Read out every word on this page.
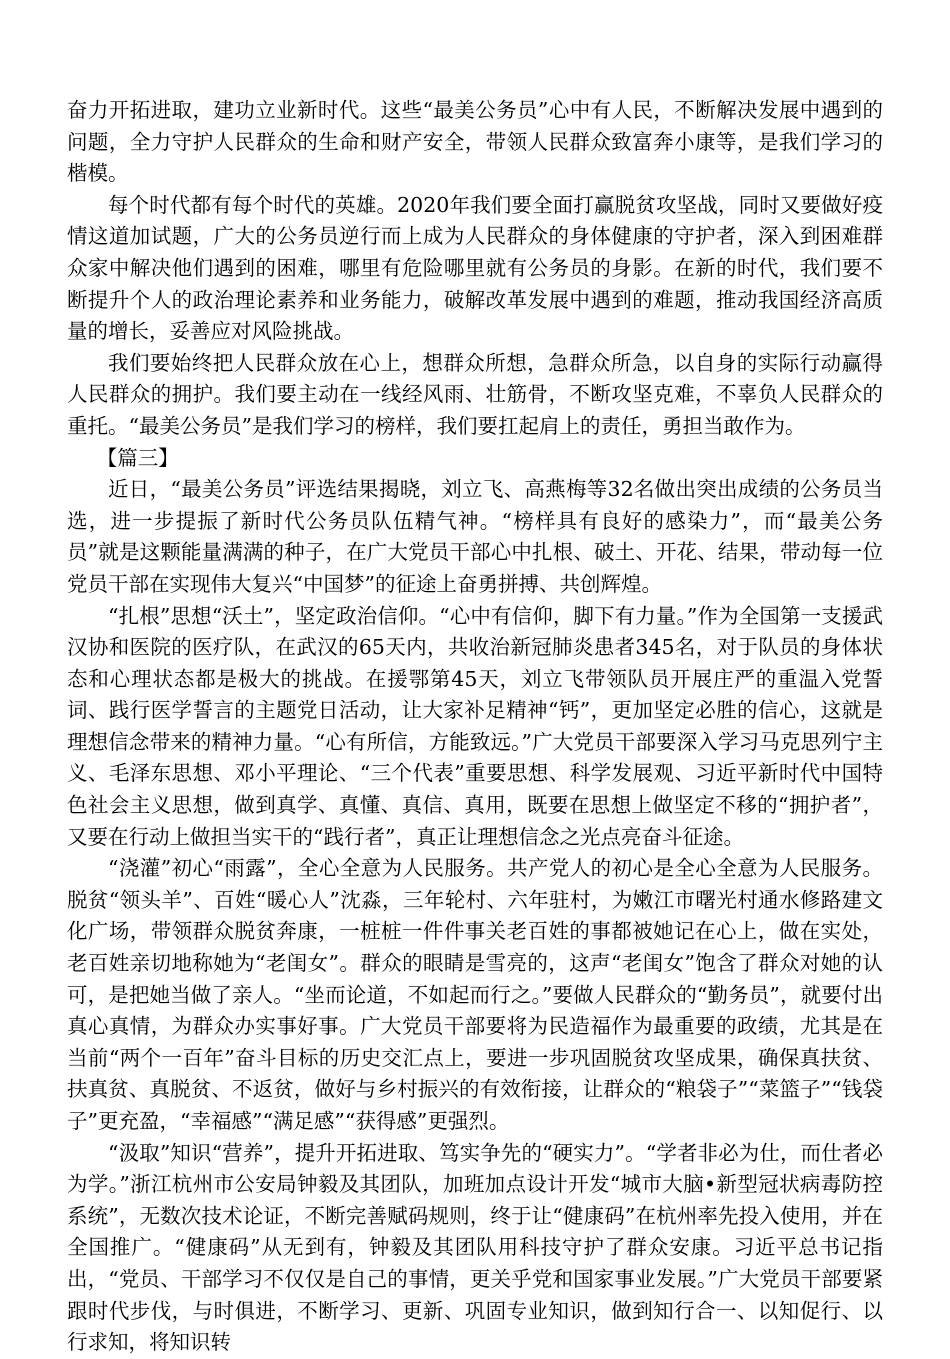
奋力开拓进取，建功立业新时代。这些“最美公务员”心中有人民，不断解决发展中遇到的问题，全力守护人民群众的生命和财产安全，带领人民群众致富奔小康等，是我们学习的楷模。

每个时代都有每个时代的英雄。2020年我们要全面打赢脱贫攻坚战，同时又要做好疫情这道加试题，广大的公务员逆行而上成为人民群众的身体健康的守护者，深入到困难群众家中解决他们遇到的困难，哪里有危险哪里就有公务员的身影。在新的时代，我们要不断提升个人的政治理论素养和业务能力，破解改革发展中遇到的难题，推动我国经济高质量的增长，妥善应对风险挑战。

我们要始终把人民群众放在心上，想群众所想，急群众所急，以自身的实际行动赢得人民群众的拥护。我们要主动在一线经风雨、壮筋骨，不断攻坚克难，不辜负人民群众的重托。“最美公务员”是我们学习的榜样，我们要扛起肩上的责任，勇担当敢作为。

【篇三】

近日，“最美公务员”评选结果揭晓，刘立飞、高燕梅等32名做出突出成绩的公务员当选，进一步提振了新时代公务员队伍精气神。“榜样具有良好的感染力”，而“最美公务员”就是这颗能量满满的种子，在广大党员干部心中扎根、破土、开花、结果，带动每一位党员干部在实现伟大复兴“中国梦”的征途上奋勇拼搏、共创辉煌。

“扎根”思想“沃土”，坚定政治信仰。“心中有信仰，脚下有力量。”作为全国第一支援武汉协和医院的医疗队，在武汉的65天内，共收治新冠肺炎患者345名，对于队员的身体状态和心理状态都是极大的挑战。在援鄂第45天，刘立飞带领队员开展庄严的重温入党誓词、践行医学誓言的主题党日活动，让大家补足精神“钙”，更加坚定必胜的信心，这就是理想信念带来的精神力量。“心有所信，方能致远。”广大党员干部要深入学习马克思列宁主义、毛泽东思想、邓小平理论、“三个代表”重要思想、科学发展观、习近平新时代中国特色社会主义思想，做到真学、真懂、真信、真用，既要在思想上做坚定不移的“拥护者”，又要在行动上做担当实干的“践行者”，真正让理想信念之光点亮奋斗征途。

“浇灌”初心“雨露”，全心全意为人民服务。共产党人的初心是全心全意为人民服务。脱贫“领头羊”、百姓“暖心人”沈淼，三年轮村、六年驻村，为嫩江市曙光村通水修路建文化广场，带领群众脱贫奔康，一桩桩一件件事关老百姓的事都被她记在心上，做在实处，老百姓亲切地称她为“老闺女”。群众的眼睛是雪亮的，这声“老闺女”饱含了群众对她的认可，是把她当做了亲人。“坐而论道，不如起而行之。”要做人民群众的“勤务员”，就要付出真心真情，为群众办实事好事。广大党员干部要将为民造福作为最重要的政绩，尤其是在当前“两个一百年”奋斗目标的历史交汇点上，要进一步巩固脱贫攻坚成果，确保真扶贫、扶真贫、真脱贫、不返贫，做好与乡村振兴的有效衔接，让群众的“粮袋子”“菜篮子”“钱袋子”更充盈，“幸福感”“满足感”“获得感”更强烈。

“汲取”知识“营养”，提升开拓进取、笃实争先的“硬实力”。“学者非必为仕，而仕者必为学。”浙江杭州市公安局钟毅及其团队，加班加点设计开发“城市大脑•新型冠状病毒防控系统”，无数次技术论证，不断完善赋码规则，终于让“健康码”在杭州率先投入使用，并在全国推广。“健康码”从无到有，钟毅及其团队用科技守护了群众安康。习近平总书记指出，“党员、干部学习不仅仅是自己的事情，更关乎党和国家事业发展。”广大党员干部要紧跟时代步伐，与时俱进，不断学习、更新、巩固专业知识，做到知行合一、以知促行、以行求知，将知识转
